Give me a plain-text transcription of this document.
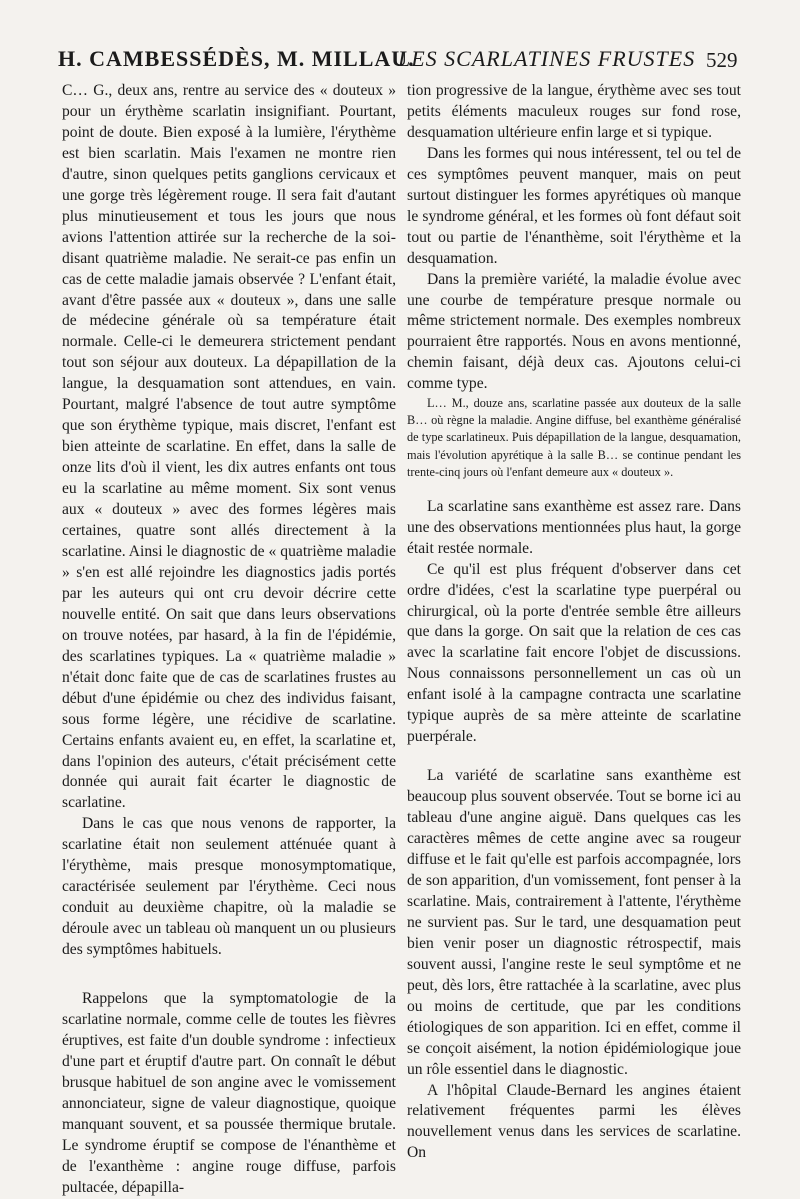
H. CAMBESSÉDÈS, M. MILLAU.
LES SCARLATINES FRUSTES 529

C… G., deux ans, rentre au service des « douteux » pour un érythème scarlatin insignifiant. Pourtant, point de doute. Bien exposé à la lumière, l'érythème est bien scarlatin. Mais l'examen ne montre rien d'autre, sinon quelques petits ganglions cervicaux et une gorge très légèrement rouge. Il sera fait d'autant plus minutieusement et tous les jours que nous avions l'attention attirée sur la recherche de la soi-disant quatrième maladie. Ne serait-ce pas enfin un cas de cette maladie jamais observée ? L'enfant était, avant d'être passée aux « douteux », dans une salle de médecine générale où sa température était normale. Celle-ci le demeurera strictement pendant tout son séjour aux douteux. La dépapillation de la langue, la desquamation sont attendues, en vain. Pourtant, malgré l'absence de tout autre symptôme que son érythème typique, mais discret, l'enfant est bien atteinte de scarlatine. En effet, dans la salle de onze lits d'où il vient, les dix autres enfants ont tous eu la scarlatine au même moment. Six sont venus aux « douteux » avec des formes légères mais certaines, quatre sont allés directement à la scarlatine. Ainsi le diagnostic de « quatrième maladie » s'en est allé rejoindre les diagnostics jadis portés par les auteurs qui ont cru devoir décrire cette nouvelle entité. On sait que dans leurs observations on trouve notées, par hasard, à la fin de l'épidémie, des scarlatines typiques. La « quatrième maladie » n'était donc faite que de cas de scarlatines frustes au début d'une épidémie ou chez des individus faisant, sous forme légère, une récidive de scarlatine. Certains enfants avaient eu, en effet, la scarlatine et, dans l'opinion des auteurs, c'était précisément cette donnée qui aurait fait écarter le diagnostic de scarlatine.

Dans le cas que nous venons de rapporter, la scarlatine était non seulement atténuée quant à l'érythème, mais presque monosymptomatique, caractérisée seulement par l'érythème. Ceci nous conduit au deuxième chapitre, où la maladie se déroule avec un tableau où manquent un ou plusieurs des symptômes habituels.

Rappelons que la symptomatologie de la scarlatine normale, comme celle de toutes les fièvres éruptives, est faite d'un double syndrome : infectieux d'une part et éruptif d'autre part. On connaît le début brusque habituel de son angine avec le vomissement annonciateur, signe de valeur diagnostique, quoique manquant souvent, et sa poussée thermique brutale. Le syndrome éruptif se compose de l'énanthème et de l'exanthème : angine rouge diffuse, parfois pultacée, dépapilla-

tion progressive de la langue, érythème avec ses tout petits éléments maculeux rouges sur fond rose, desquamation ultérieure enfin large et si typique.

Dans les formes qui nous intéressent, tel ou tel de ces symptômes peuvent manquer, mais on peut surtout distinguer les formes apyrétiques où manque le syndrome général, et les formes où font défaut soit tout ou partie de l'énanthème, soit l'érythème et la desquamation.

Dans la première variété, la maladie évolue avec une courbe de température presque normale ou même strictement normale. Des exemples nombreux pourraient être rapportés. Nous en avons mentionné, chemin faisant, déjà deux cas. Ajoutons celui-ci comme type.

L… M., douze ans, scarlatine passée aux douteux de la salle B… où règne la maladie. Angine diffuse, bel exanthème généralisé de type scarlatineux. Puis dépapillation de la langue, desquamation, mais l'évolution apyrétique à la salle B… se continue pendant les trente-cinq jours où l'enfant demeure aux « douteux ».

La scarlatine sans exanthème est assez rare. Dans une des observations mentionnées plus haut, la gorge était restée normale.

Ce qu'il est plus fréquent d'observer dans cet ordre d'idées, c'est la scarlatine type puerpéral ou chirurgical, où la porte d'entrée semble être ailleurs que dans la gorge. On sait que la relation de ces cas avec la scarlatine fait encore l'objet de discussions. Nous connaissons personnellement un cas où un enfant isolé à la campagne contracta une scarlatine typique auprès de sa mère atteinte de scarlatine puerpérale.

La variété de scarlatine sans exanthème est beaucoup plus souvent observée. Tout se borne ici au tableau d'une angine aiguë. Dans quelques cas les caractères mêmes de cette angine avec sa rougeur diffuse et le fait qu'elle est parfois accompagnée, lors de son apparition, d'un vomissement, font penser à la scarlatine. Mais, contrairement à l'attente, l'érythème ne survient pas. Sur le tard, une desquamation peut bien venir poser un diagnostic rétrospectif, mais souvent aussi, l'angine reste le seul symptôme et ne peut, dès lors, être rattachée à la scarlatine, avec plus ou moins de certitude, que par les conditions étiologiques de son apparition. Ici en effet, comme il se conçoit aisément, la notion épidémiologique joue un rôle essentiel dans le diagnostic.

A l'hôpital Claude-Bernard les angines étaient relativement fréquentes parmi les élèves nouvellement venus dans les services de scarlatine. On
